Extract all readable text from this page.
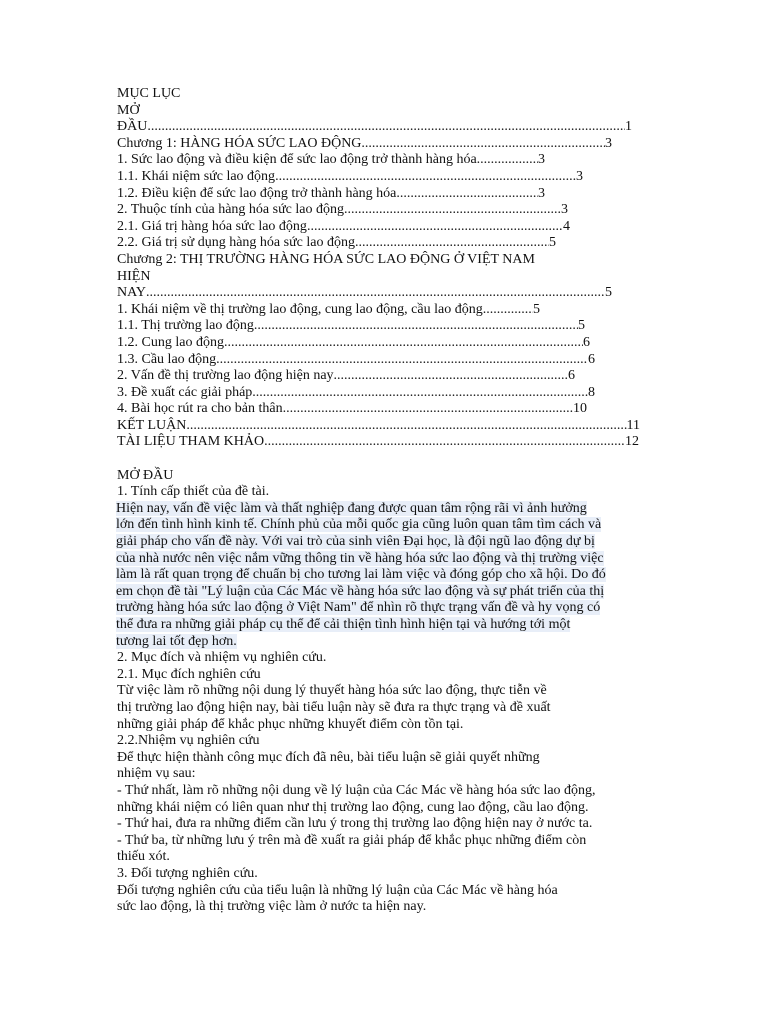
MỤC LỤC
MỞ
ĐẦU .....	1
Chương 1: HÀNG HÓA SỨC LAO ĐỘNG .....	3
1. Sức lao động và điều kiện để sức lao động trở thành hàng hóa .....	3
1.1. Khái niệm sức lao động .....	3
1.2. Điều kiện để sức lao động trở thành hàng hóa .....	3
2. Thuộc tính của hàng hóa sức lao động .....	3
2.1. Giá trị hàng hóa sức lao động .....	4
2.2. Giá trị sử dụng hàng hóa sức lao động .....	5
Chương 2: THỊ TRƯỜNG HÀNG HÓA SỨC LAO ĐỘNG Ở VIỆT NAM
HIỆN
NAY .....	5
1. Khái niệm về thị trường lao động, cung lao động, cầu lao động .....	5
1.1. Thị trường lao động .....	5
1.2. Cung lao động .....	6
1.3. Cầu lao động .....	6
2. Vấn đề thị trường lao động hiện nay .....	6
3. Đề xuất các giải pháp .....	8
4. Bài học rút ra cho bản thân .....	10
KẾT LUẬN .....	11
TÀI LIỆU THAM KHẢO .....	12
MỞ ĐẦU
1. Tính cấp thiết của đề tài.
Hiện nay, vấn đề việc làm và thất nghiệp đang được quan tâm rộng rãi vì ảnh hưởng
lớn đến tình hình kinh tế. Chính phủ của mỗi quốc gia cũng luôn quan tâm tìm cách và
giải pháp cho vấn đề này. Với vai trò của sinh viên Đại học, là đội ngũ lao động dự bị
của nhà nước nên việc nắm vững thông tin về hàng hóa sức lao động và thị trường việc
làm là rất quan trọng để chuẩn bị cho tương lai làm việc và đóng góp cho xã hội. Do đó
em chọn đề tài "Lý luận của Các Mác về hàng hóa sức lao động và sự phát triển của thị
trường hàng hóa sức lao động ở Việt Nam" để nhìn rõ thực trạng vấn đề và hy vọng có
thể đưa ra những giải pháp cụ thể để cải thiện tình hình hiện tại và hướng tới một
tương lai tốt đẹp hơn.
2. Mục đích và nhiệm vụ nghiên cứu.
2.1. Mục đích nghiên cứu
Từ việc làm rõ những nội dung lý thuyết hàng hóa sức lao động, thực tiễn về
thị trường lao động hiện nay, bài tiểu luận này sẽ đưa ra thực trạng và đề xuất
những giải pháp để khắc phục những khuyết điểm còn tồn tại.
2.2.Nhiệm vụ nghiên cứu
Để thực hiện thành công mục đích đã nêu, bài tiểu luận sẽ giải quyết những
nhiệm vụ sau:
- Thứ nhất, làm rõ những nội dung về lý luận của Các Mác về hàng hóa sức lao động,
những khái niệm có liên quan như thị trường lao động, cung lao động, cầu lao động.
- Thứ hai, đưa ra những điểm cần lưu ý trong thị trường lao động hiện nay ở nước ta.
- Thứ ba, từ những lưu ý trên mà đề xuất ra giải pháp để khắc phục những điểm còn
thiếu xót.
3. Đối tượng nghiên cứu.
Đối tượng nghiên cứu của tiểu luận là những lý luận của Các Mác về hàng hóa
sức lao động, là thị trường việc làm ở nước ta hiện nay.
